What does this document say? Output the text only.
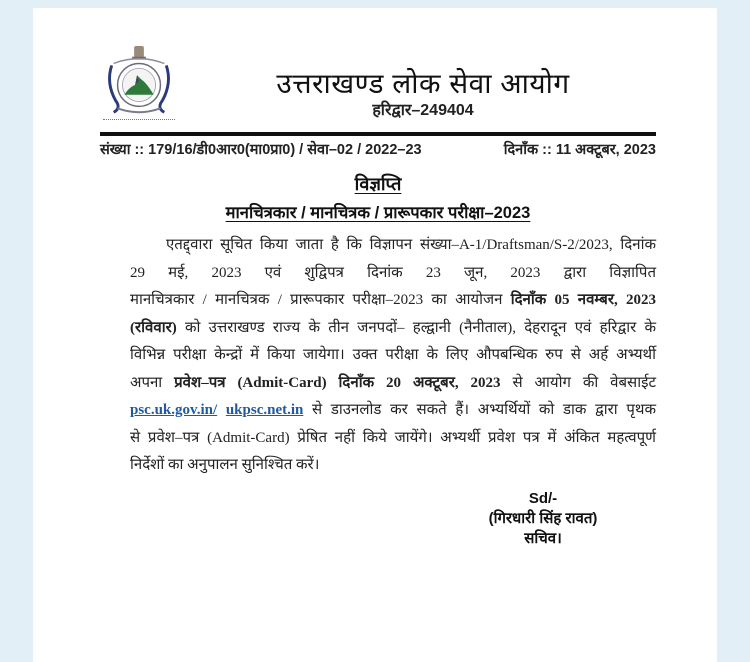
उत्तराखण्ड लोक सेवा आयोग
हरिद्वार–249404
संख्या :: 179/16/डी0आर0(मा0प्रा0) / सेवा–02 / 2022–23	दिनाँक :: 11 अक्टूबर, 2023
विज्ञप्ति
मानचित्रकार / मानचित्रक / प्रारूपकार परीक्षा–2023
एतद्द्वारा सूचित किया जाता है कि विज्ञापन संख्या–A-1/Draftsman/S-2/2023, दिनांक
29 मई, 2023 एवं शुद्विपत्र दिनांक 23 जून, 2023 द्वारा विज्ञापित
मानचित्रकार / मानचित्रक / प्रारूपकार परीक्षा–2023 का आयोजन दिनाँक 05 नवम्बर, 2023
(रविवार) को उत्तराखण्ड राज्य के तीन जनपदों– हल्द्वानी (नैनीताल), देहरादून एवं हरिद्वार के
विभिन्न परीक्षा केन्द्रों में किया जायेगा। उक्त परीक्षा के लिए औपबन्धिक रुप से अर्ह अभ्यर्थी
अपना प्रवेश–पत्र (Admit-Card) दिनाँक 20 अक्टूबर, 2023 से आयोग की वेबसाईट
psc.uk.gov.in/ ukpsc.net.in से डाउनलोड कर सकते हैं। अभ्यर्थियों को डाक द्वारा पृथक
से प्रवेश–पत्र (Admit-Card) प्रेषित नहीं किये जायेंगे। अभ्यर्थी प्रवेश पत्र में अंकित महत्वपूर्ण
निर्देशों का अनुपालन सुनिश्चित करें।
Sd/-
(गिरधारी सिंह रावत)
सचिव।
